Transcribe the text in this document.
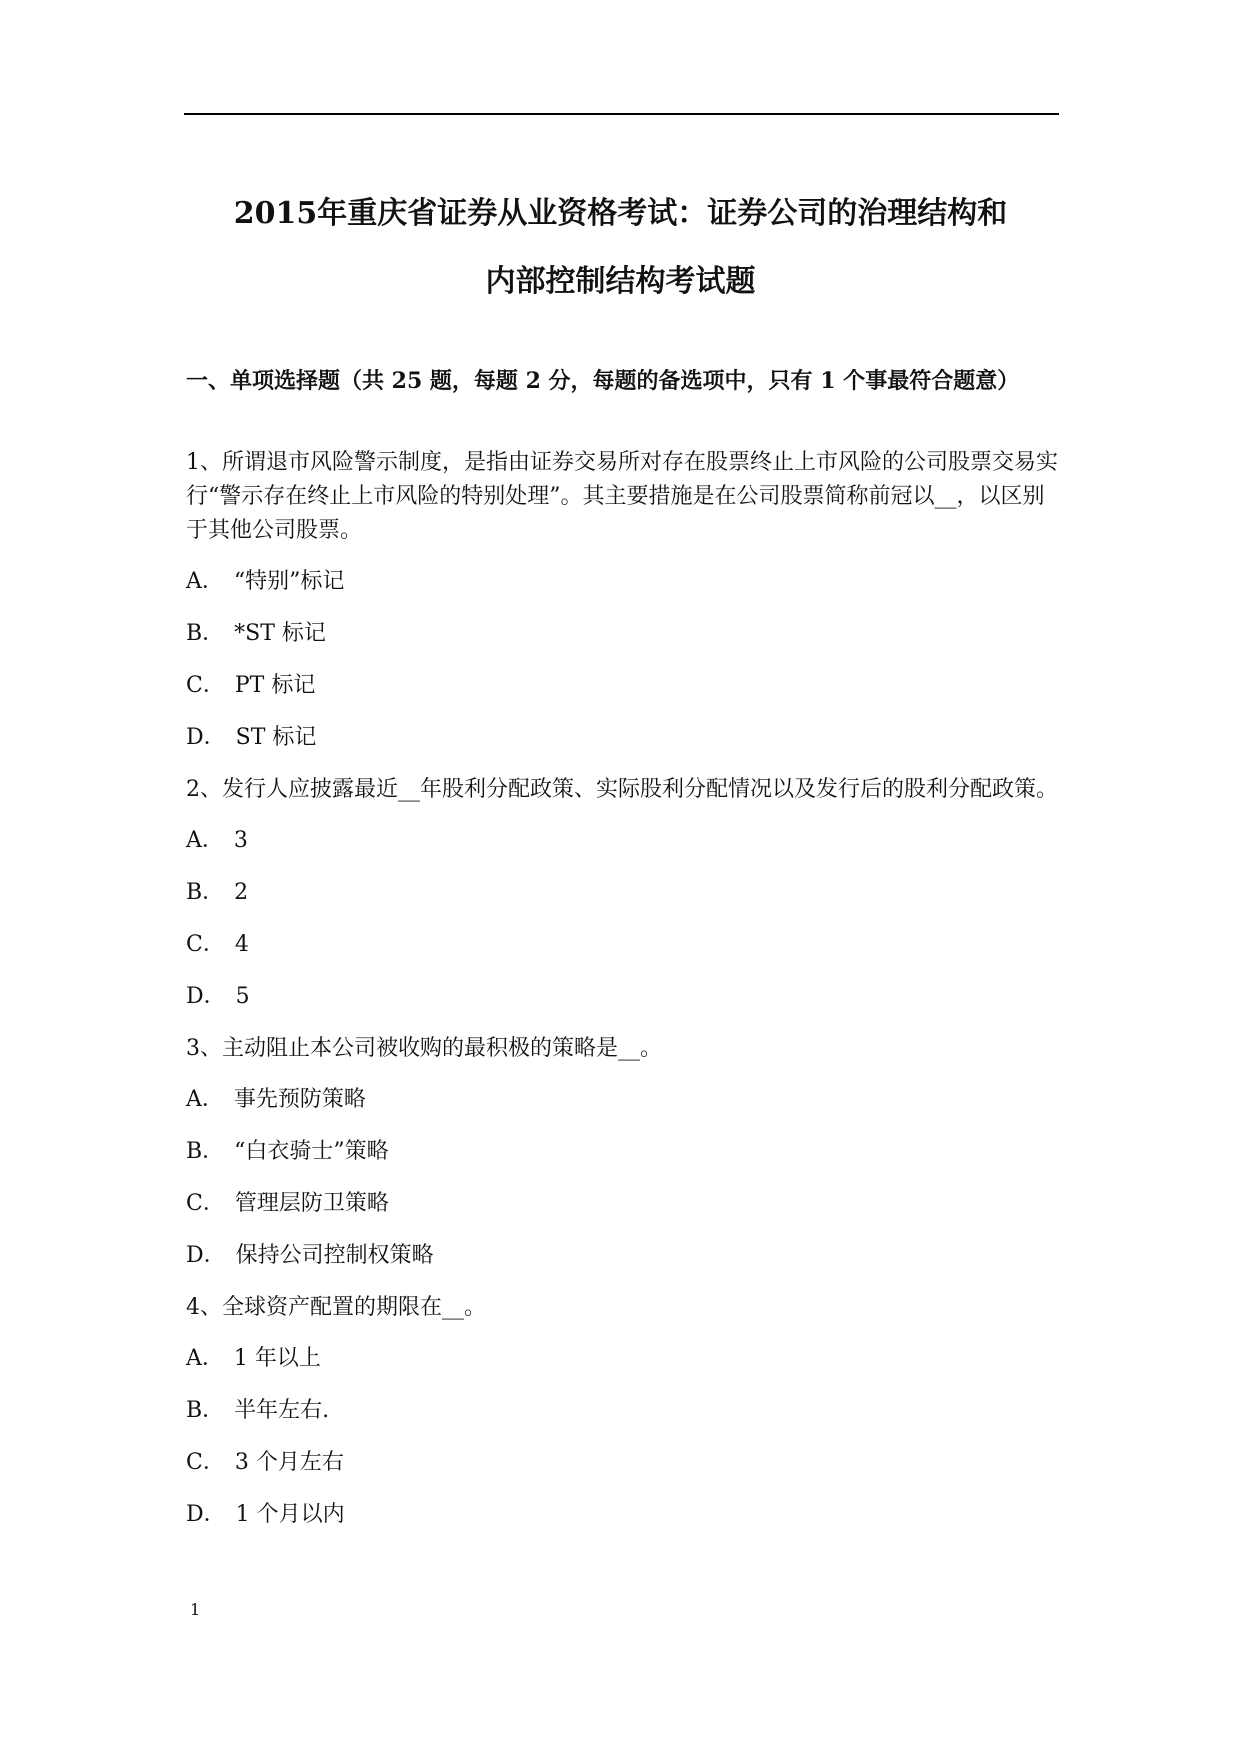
2015年重庆省证券从业资格考试：证券公司的治理结构和
内部控制结构考试题

一、单项选择题（共 25 题，每题 2 分，每题的备选项中，只有 1 个事最符合题意）

1、所谓退市风险警示制度，是指由证券交易所对存在股票终止上市风险的公司股票交易实行“警示存在终止上市风险的特别处理”。其主要措施是在公司股票简称前冠以__，以区别于其他公司股票。

A． “特别”标记
B． *ST 标记
C． PT 标记
D． ST 标记

2、发行人应披露最近__年股利分配政策、实际股利分配情况以及发行后的股利分配政策。

A． 3
B． 2
C． 4
D． 5

3、主动阻止本公司被收购的最积极的策略是__。

A． 事先预防策略
B． “白衣骑士”策略
C． 管理层防卫策略
D． 保持公司控制权策略

4、全球资产配置的期限在__。

A． 1 年以上
B． 半年左右.
C． 3 个月左右
D． 1 个月以内
1
